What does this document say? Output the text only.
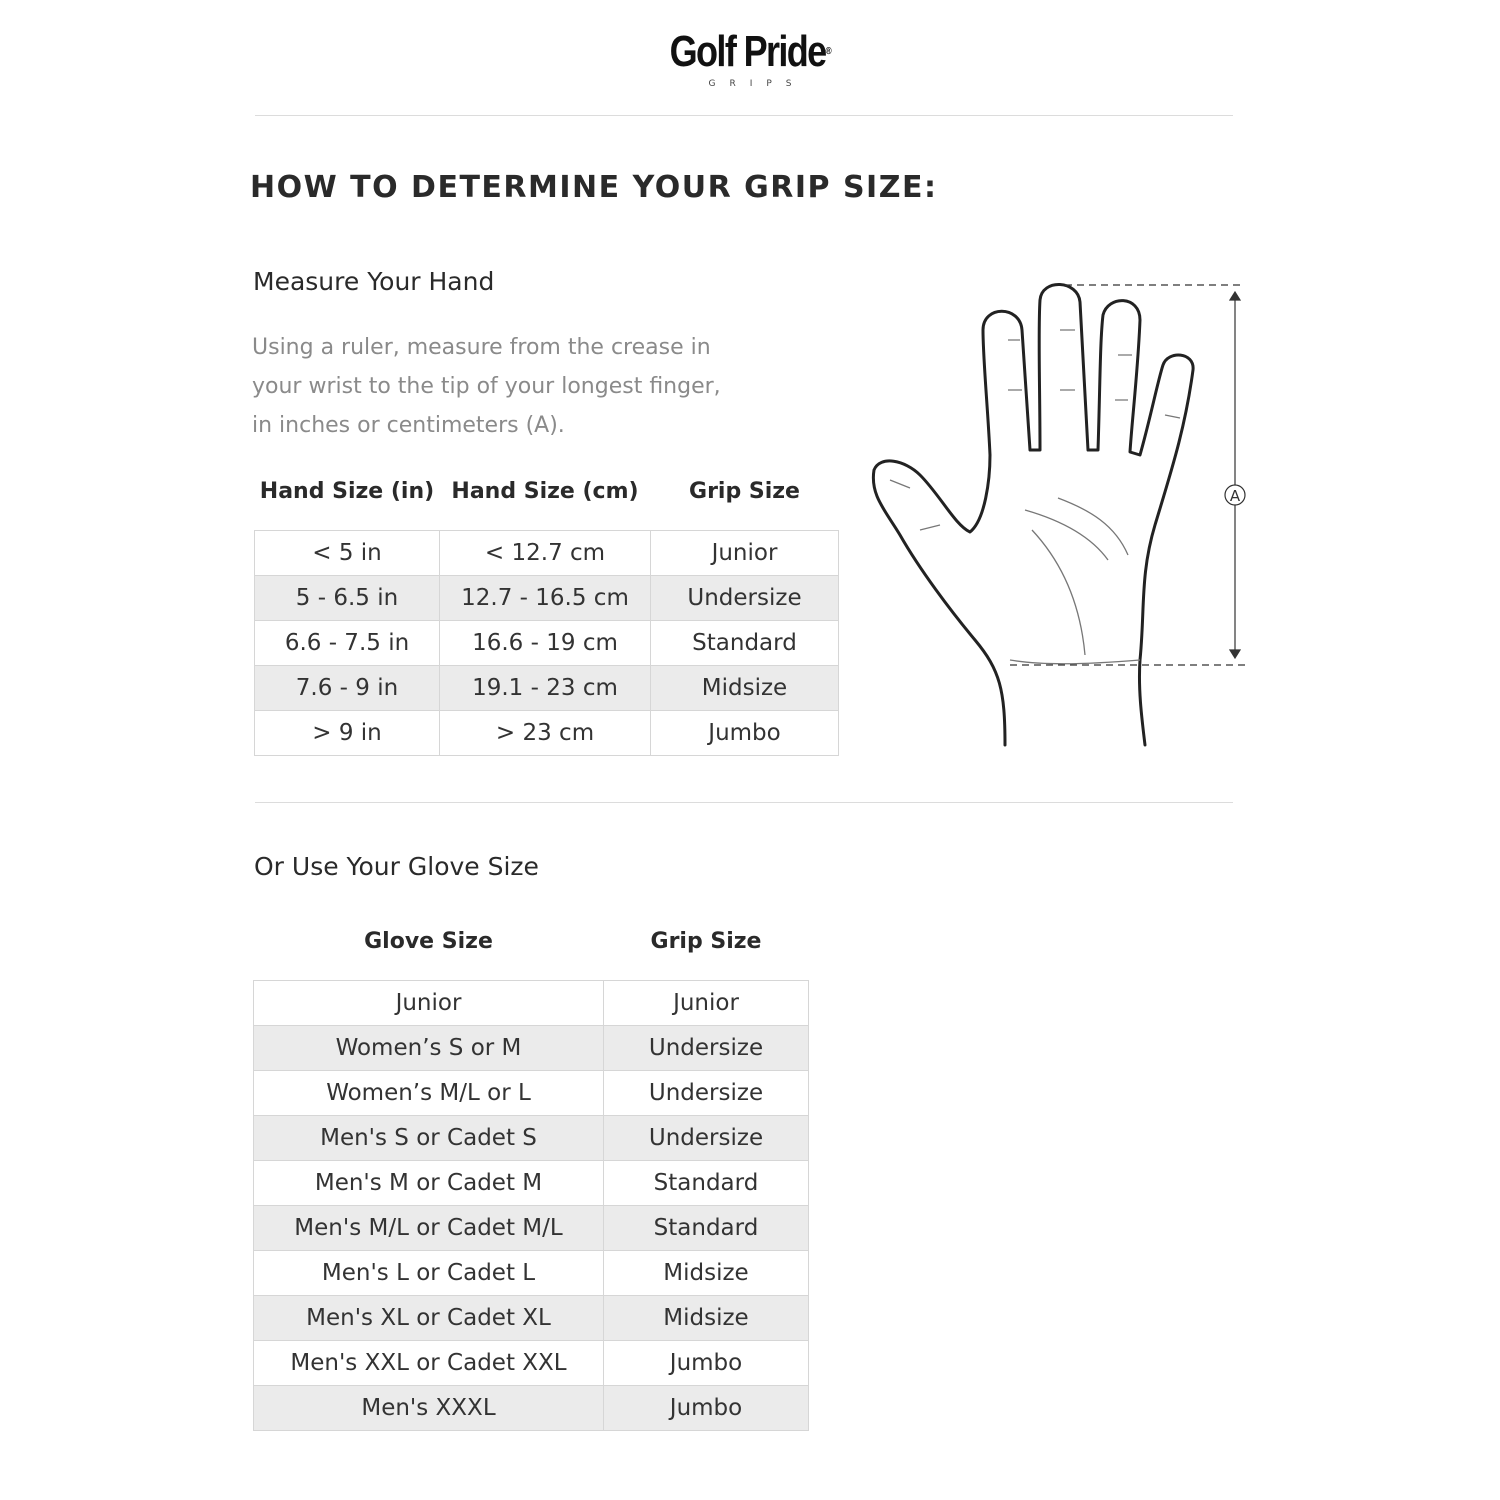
Golf Pride®
GRIPS
HOW TO DETERMINE YOUR GRIP SIZE:
Measure Your Hand
Using a ruler, measure from the crease in your wrist to the tip of your longest finger, in inches or centimeters (A).
Hand Size (in)	Hand Size (cm)	Grip Size
< 5 in	< 12.7 cm	Junior
5 - 6.5 in	12.7 - 16.5 cm	Undersize
6.6 - 7.5 in	16.6 - 19 cm	Standard
7.6 - 9 in	19.1 - 23 cm	Midsize
> 9 in	> 23 cm	Jumbo
A
Or Use Your Glove Size
Glove Size	Grip Size
Junior	Junior
Women’s S or M	Undersize
Women’s M/L or L	Undersize
Men's S or Cadet S	Undersize
Men's M or Cadet M	Standard
Men's M/L or Cadet M/L	Standard
Men's L or Cadet L	Midsize
Men's XL or Cadet XL	Midsize
Men's XXL or Cadet XXL	Jumbo
Men's XXXL	Jumbo
